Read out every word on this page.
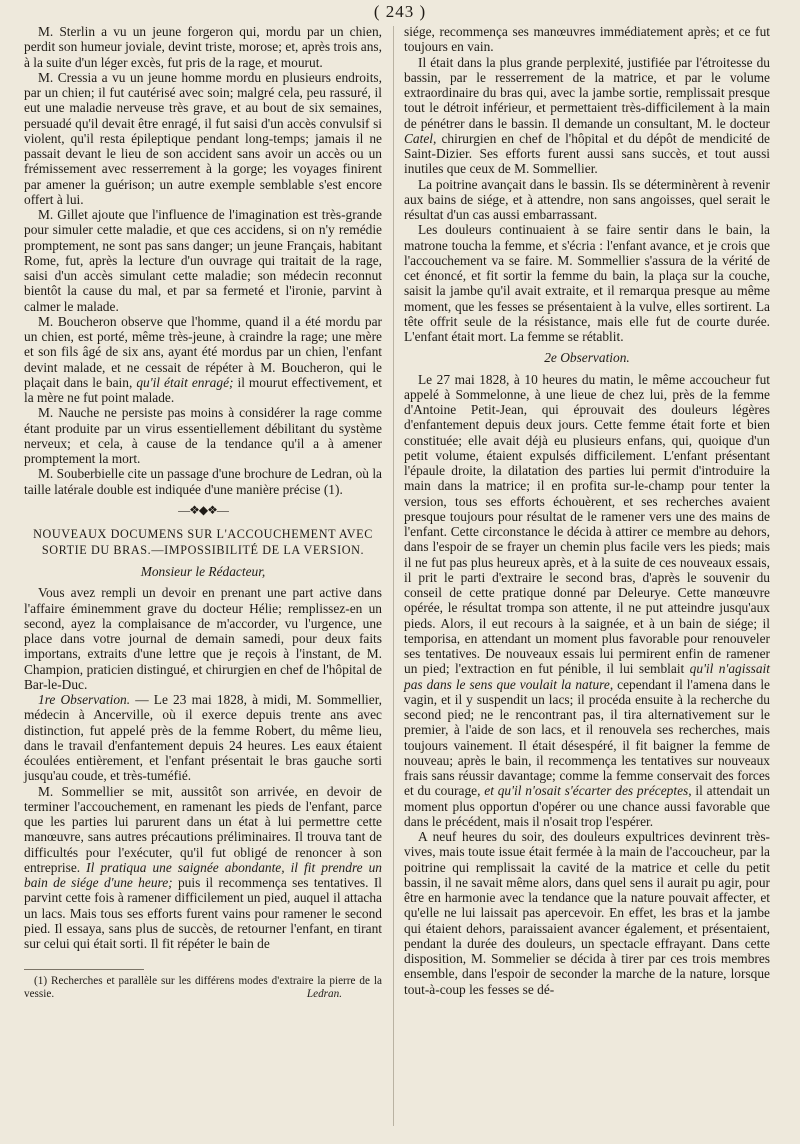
( 243 )

M. Sterlin a vu un jeune forgeron qui, mordu par un chien, perdit son humeur joviale, devint triste, morose; et, après trois ans, à la suite d'un léger excès, fut pris de la rage, et mourut.

M. Cressia a vu un jeune homme mordu en plusieurs endroits, par un chien; il fut cautérisé avec soin; malgré cela, peu rassuré, il eut une maladie nerveuse très grave, et au bout de six semaines, persuadé qu'il devait être enragé, il fut saisi d'un accès convulsif si violent, qu'il resta épileptique pendant long-temps; jamais il ne passait devant le lieu de son accident sans avoir un accès ou un frémissement avec resserrement à la gorge; les voyages finirent par amener la guérison; un autre exemple semblable s'est encore offert à lui.

M. Gillet ajoute que l'influence de l'imagination est très-grande pour simuler cette maladie, et que ces accidens, si on n'y remédie promptement, ne sont pas sans danger; un jeune Français, habitant Rome, fut, après la lecture d'un ouvrage qui traitait de la rage, saisi d'un accès simulant cette maladie; son médecin reconnut bientôt la cause du mal, et par sa fermeté et l'ironie, parvint à calmer le malade.

M. Boucheron observe que l'homme, quand il a été mordu par un chien, est porté, même très-jeune, à craindre la rage; une mère et son fils âgé de six ans, ayant été mordus par un chien, l'enfant devint malade, et ne cessait de répéter à M. Boucheron, qui le plaçait dans le bain, qu'il était enragé; il mourut effectivement, et la mère ne fut point malade.

M. Nauche ne persiste pas moins à considérer la rage comme étant produite par un virus essentiellement débilitant du système nerveux; et cela, à cause de la tendance qu'il a à amener promptement la mort.

M. Souberbielle cite un passage d'une brochure de Ledran, où la taille latérale double est indiquée d'une manière précise (1).

—❖◆❖—

NOUVEAUX DOCUMENS SUR L'ACCOUCHEMENT AVEC SORTIE DU BRAS.—IMPOSSIBILITÉ DE LA VERSION.

Monsieur le Rédacteur,

Vous avez rempli un devoir en prenant une part active dans l'affaire éminemment grave du docteur Hélie; remplissez-en un second, ayez la complaisance de m'accorder, vu l'urgence, une place dans votre journal de demain samedi, pour deux faits importans, extraits d'une lettre que je reçois à l'instant, de M. Champion, praticien distingué, et chirurgien en chef de l'hôpital de Bar-le-Duc.

1re Observation. — Le 23 mai 1828, à midi, M. Sommellier, médecin à Ancerville, où il exerce depuis trente ans avec distinction, fut appelé près de la femme Robert, du même lieu, dans le travail d'enfantement depuis 24 heures. Les eaux étaient écoulées entièrement, et l'enfant présentait le bras gauche sorti jusqu'au coude, et très-tuméfié.

M. Sommellier se mit, aussitôt son arrivée, en devoir de terminer l'accouchement, en ramenant les pieds de l'enfant, parce que les parties lui parurent dans un état à lui permettre cette manœuvre, sans autres précautions préliminaires. Il trouva tant de difficultés pour l'exécuter, qu'il fut obligé de renoncer à son entreprise. Il pratiqua une saignée abondante, il fit prendre un bain de siége d'une heure; puis il recommença ses tentatives. Il parvint cette fois à ramener difficilement un pied, auquel il attacha un lacs. Mais tous ses efforts furent vains pour ramener le second pied. Il essaya, sans plus de succès, de retourner l'enfant, en tirant sur celui qui était sorti. Il fit répéter le bain de

(1) Recherches et parallèle sur les différens modes d'extraire la pierre de la vessie.	Ledran.

siége, recommença ses manœuvres immédiatement après; et ce fut toujours en vain.

Il était dans la plus grande perplexité, justifiée par l'étroitesse du bassin, par le resserrement de la matrice, et par le volume extraordinaire du bras qui, avec la jambe sortie, remplissait presque tout le détroit inférieur, et permettaient très-difficilement à la main de pénétrer dans le bassin. Il demande un consultant, M. le docteur Catel, chirurgien en chef de l'hôpital et du dépôt de mendicité de Saint-Dizier. Ses efforts furent aussi sans succès, et tout aussi inutiles que ceux de M. Sommellier.

La poitrine avançait dans le bassin. Ils se déterminèrent à revenir aux bains de siége, et à attendre, non sans angoisses, quel serait le résultat d'un cas aussi embarrassant.

Les douleurs continuaient à se faire sentir dans le bain, la matrone toucha la femme, et s'écria : l'enfant avance, et je crois que l'accouchement va se faire. M. Sommellier s'assura de la vérité de cet énoncé, et fit sortir la femme du bain, la plaça sur la couche, saisit la jambe qu'il avait extraite, et il remarqua presque au même moment, que les fesses se présentaient à la vulve, elles sortirent. La tête offrit seule de la résistance, mais elle fut de courte durée. L'enfant était mort. La femme se rétablit.

2e Observation.

Le 27 mai 1828, à 10 heures du matin, le même accoucheur fut appelé à Sommelonne, à une lieue de chez lui, près de la femme d'Antoine Petit-Jean, qui éprouvait des douleurs légères d'enfantement depuis deux jours. Cette femme était forte et bien constituée; elle avait déjà eu plusieurs enfans, qui, quoique d'un petit volume, étaient expulsés difficilement. L'enfant présentant l'épaule droite, la dilatation des parties lui permit d'introduire la main dans la matrice; il en profita sur-le-champ pour tenter la version, tous ses efforts échouèrent, et ses recherches avaient presque toujours pour résultat de le ramener vers une des mains de l'enfant. Cette circonstance le décida à attirer ce membre au dehors, dans l'espoir de se frayer un chemin plus facile vers les pieds; mais il ne fut pas plus heureux après, et à la suite de ces nouveaux essais, il prit le parti d'extraire le second bras, d'après le souvenir du conseil de cette pratique donné par Deleurye. Cette manœuvre opérée, le résultat trompa son attente, il ne put atteindre jusqu'aux pieds. Alors, il eut recours à la saignée, et à un bain de siége; il temporisa, en attendant un moment plus favorable pour renouveler ses tentatives. De nouveaux essais lui permirent enfin de ramener un pied; l'extraction en fut pénible, il lui semblait qu'il n'agissait pas dans le sens que voulait la nature, cependant il l'amena dans le vagin, et il y suspendit un lacs; il procéda ensuite à la recherche du second pied; ne le rencontrant pas, il tira alternativement sur le premier, à l'aide de son lacs, et il renouvela ses recherches, mais toujours vainement. Il était désespéré, il fit baigner la femme de nouveau; après le bain, il recommença les tentatives sur nouveaux frais sans réussir davantage; comme la femme conservait des forces et du courage, et qu'il n'osait s'écarter des préceptes, il attendait un moment plus opportun d'opérer ou une chance aussi favorable que dans le précédent, mais il n'osait trop l'espérer.

A neuf heures du soir, des douleurs expultrices devinrent très-vives, mais toute issue était fermée à la main de l'accoucheur, par la poitrine qui remplissait la cavité de la matrice et celle du petit bassin, il ne savait même alors, dans quel sens il aurait pu agir, pour être en harmonie avec la tendance que la nature pouvait affecter, et qu'elle ne lui laissait pas apercevoir. En effet, les bras et la jambe qui étaient dehors, paraissaient avancer également, et présentaient, pendant la durée des douleurs, un spectacle effrayant. Dans cette disposition, M. Sommelier se décida à tirer par ces trois membres ensemble, dans l'espoir de seconder la marche de la nature, lorsque tout-à-coup les fesses se dé-
